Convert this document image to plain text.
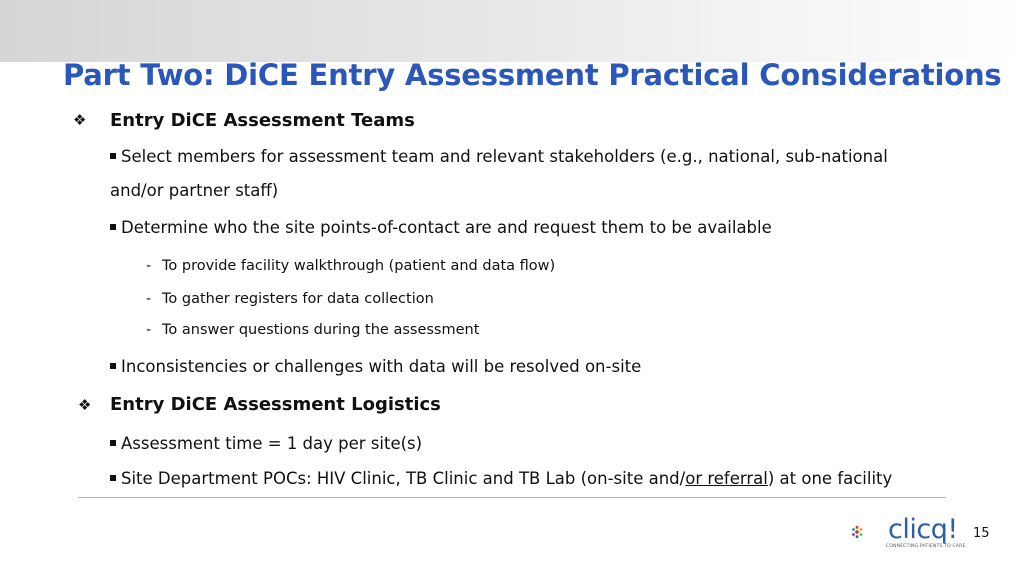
Part Two: DiCE Entry Assessment Practical Considerations
❖ Entry DiCE Assessment Teams
Select members for assessment team and relevant stakeholders (e.g., national, sub-national
and/or partner staff)
Determine who the site points-of-contact are and request them to be available
- To provide facility walkthrough (patient and data flow)
- To gather registers for data collection
- To answer questions during the assessment
Inconsistencies or challenges with data will be resolved on-site
❖ Entry DiCE Assessment Logistics
Assessment time = 1 day per site(s)
Site Department POCs: HIV Clinic, TB Clinic and TB Lab (on-site and/or referral) at one facility
clicq!
CONNECTING PATIENTS TO CARE
15
